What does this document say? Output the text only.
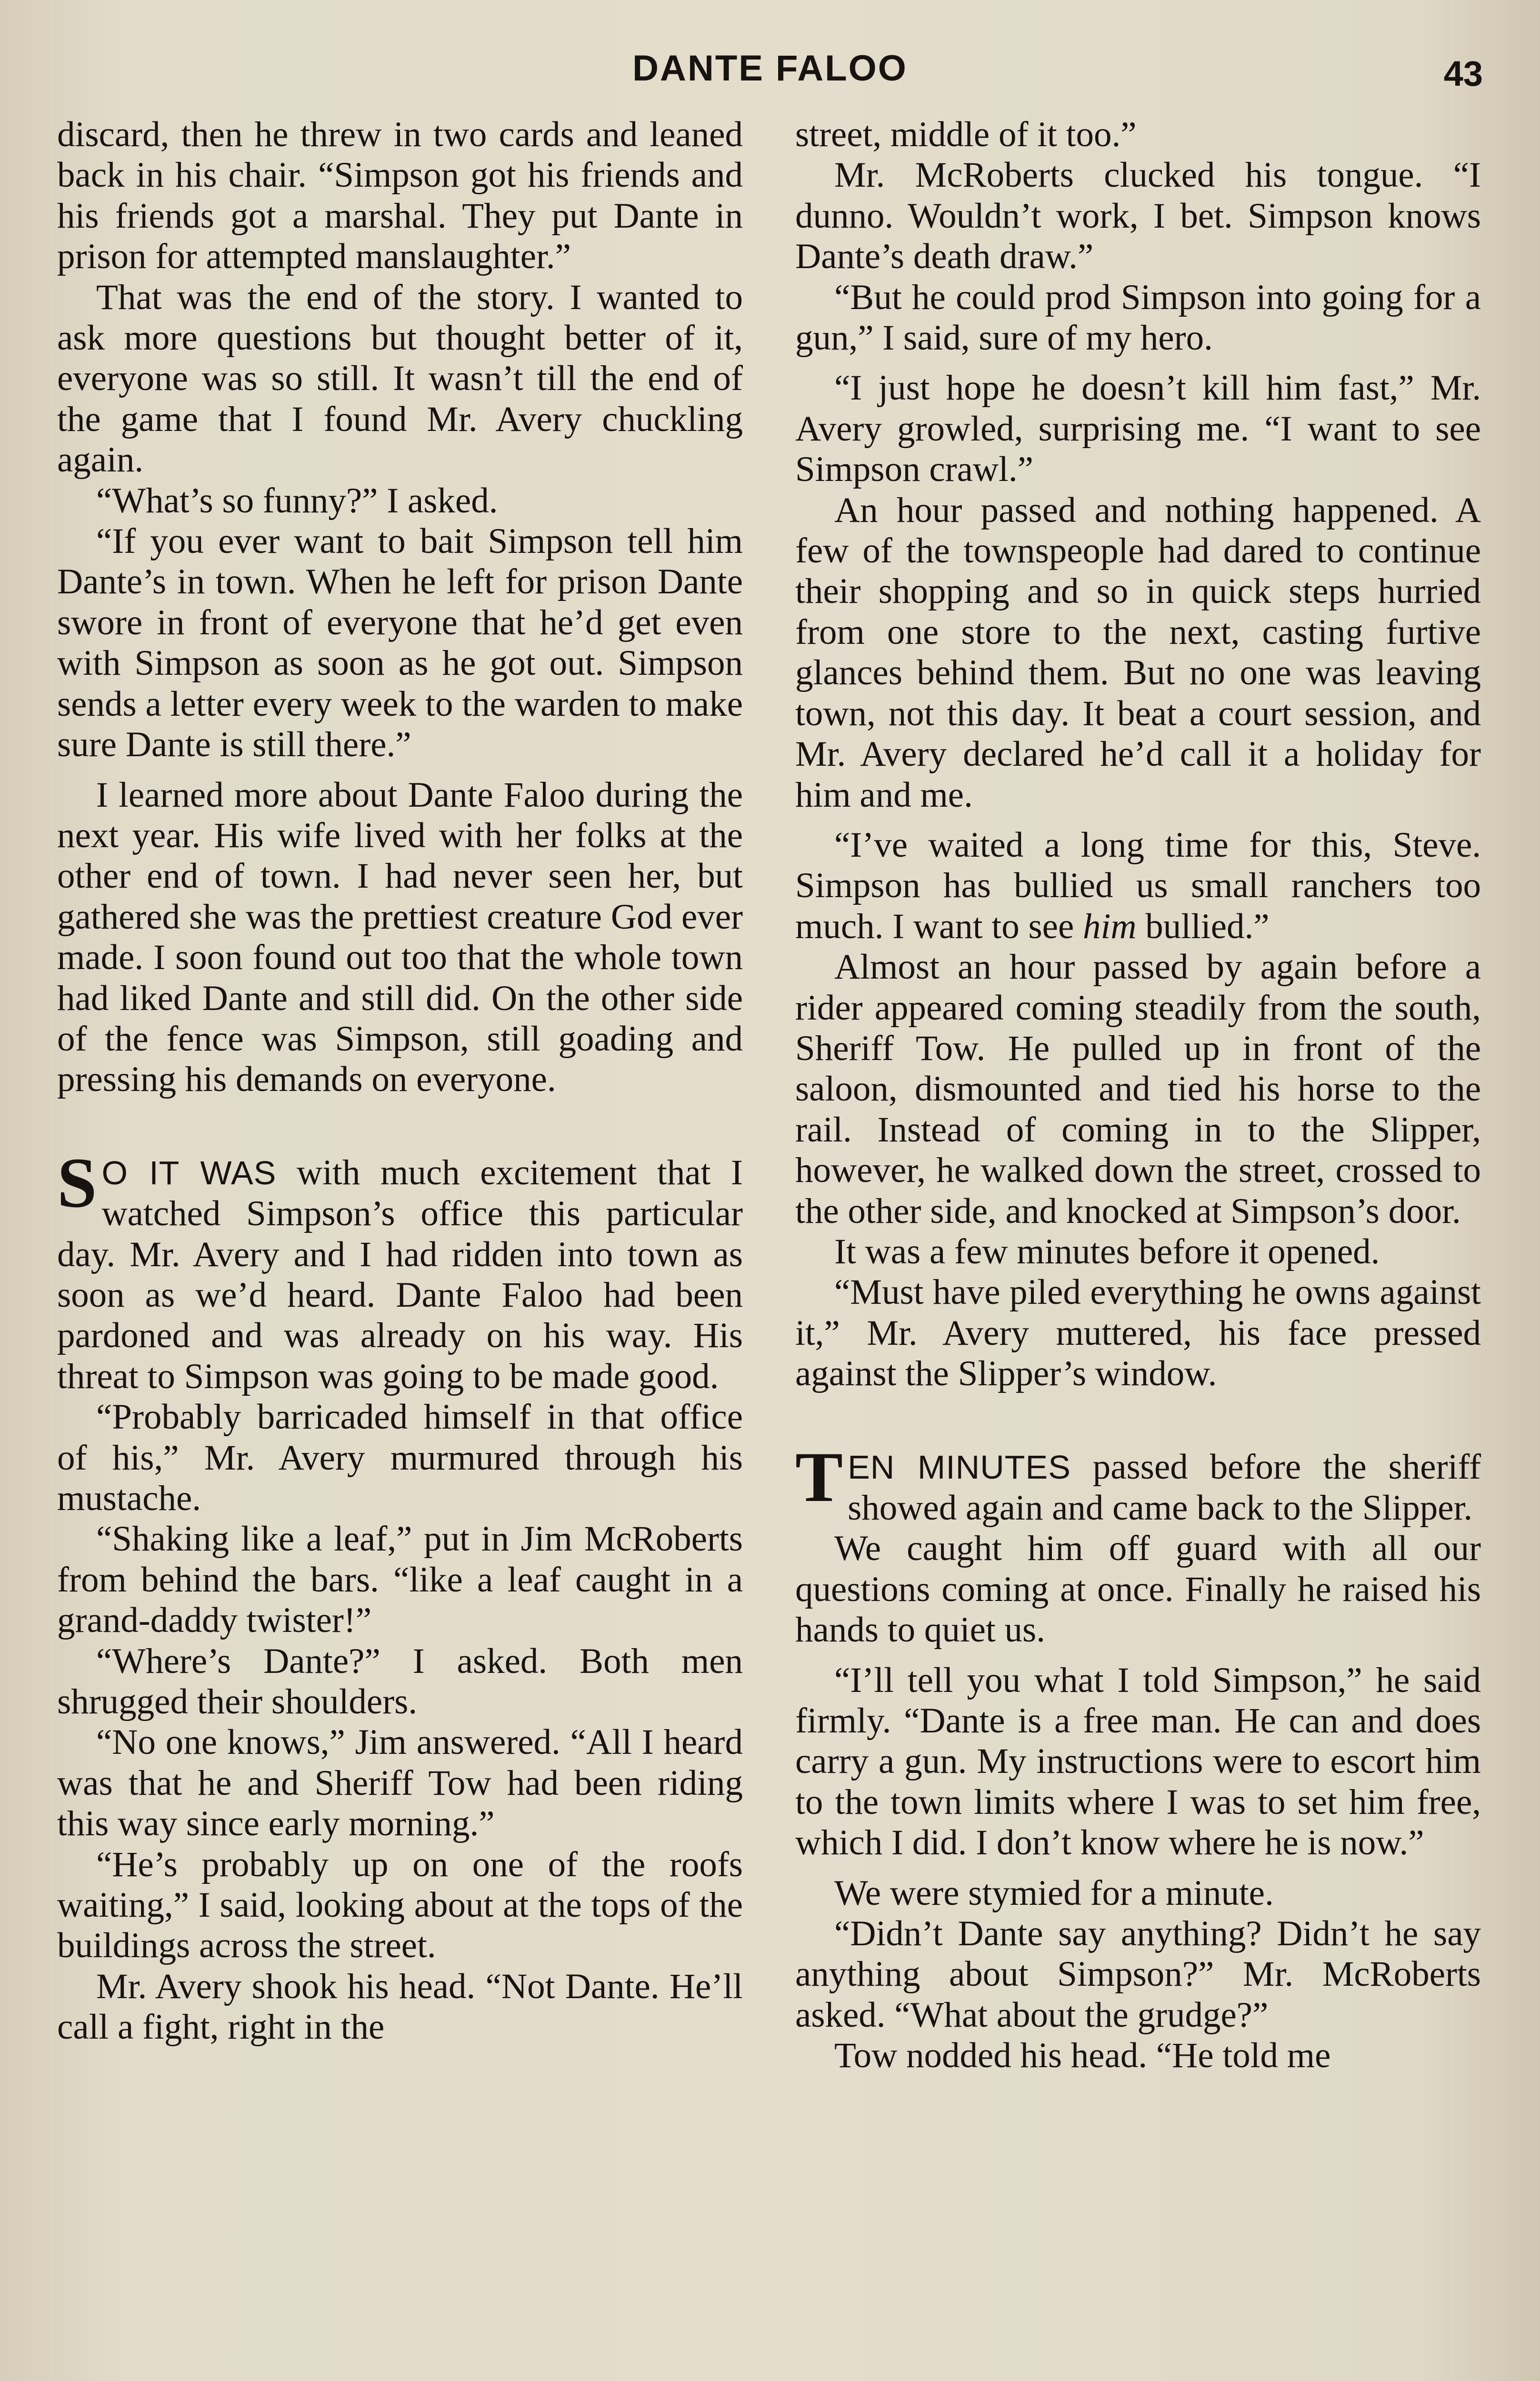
DANTE FALOO	43

discard, then he threw in two cards and leaned back in his chair. “Simpson got his friends and his friends got a marshal. They put Dante in prison for attempted manslaughter.”

That was the end of the story. I wanted to ask more questions but thought better of it, everyone was so still. It wasn’t till the end of the game that I found Mr. Avery chuckling again.

“What’s so funny?” I asked.

“If you ever want to bait Simpson tell him Dante’s in town. When he left for prison Dante swore in front of everyone that he’d get even with Simpson as soon as he got out. Simpson sends a letter every week to the warden to make sure Dante is still there.”

I learned more about Dante Faloo during the next year. His wife lived with her folks at the other end of town. I had never seen her, but gathered she was the prettiest creature God ever made. I soon found out too that the whole town had liked Dante and still did. On the other side of the fence was Simpson, still goading and pressing his demands on everyone.

S O IT WAS with much excitement that I watched Simpson’s office this particular day. Mr. Avery and I had ridden into town as soon as we’d heard. Dante Faloo had been pardoned and was already on his way. His threat to Simpson was going to be made good.

“Probably barricaded himself in that office of his,” Mr. Avery murmured through his mustache.

“Shaking like a leaf,” put in Jim McRoberts from behind the bars. “like a leaf caught in a grand-daddy twister!”

“Where’s Dante?” I asked. Both men shrugged their shoulders.

“No one knows,” Jim answered. “All I heard was that he and Sheriff Tow had been riding this way since early morning.”

“He’s probably up on one of the roofs waiting,” I said, looking about at the tops of the buildings across the street.

Mr. Avery shook his head. “Not Dante. He’ll call a fight, right in the

street, middle of it too.”

Mr. McRoberts clucked his tongue. “I dunno. Wouldn’t work, I bet. Simpson knows Dante’s death draw.”

“But he could prod Simpson into going for a gun,” I said, sure of my hero.

“I just hope he doesn’t kill him fast,” Mr. Avery growled, surprising me. “I want to see Simpson crawl.”

An hour passed and nothing happened. A few of the townspeople had dared to continue their shopping and so in quick steps hurried from one store to the next, casting furtive glances behind them. But no one was leaving town, not this day. It beat a court session, and Mr. Avery declared he’d call it a holiday for him and me.

“I’ve waited a long time for this, Steve. Simpson has bullied us small ranchers too much. I want to see him bullied.”

Almost an hour passed by again before a rider appeared coming steadily from the south, Sheriff Tow. He pulled up in front of the saloon, dismounted and tied his horse to the rail. Instead of coming in to the Slipper, however, he walked down the street, crossed to the other side, and knocked at Simpson’s door.

It was a few minutes before it opened.

“Must have piled everything he owns against it,” Mr. Avery muttered, his face pressed against the Slipper’s window.

TEN MINUTES passed before the sheriff showed again and came back to the Slipper.

We caught him off guard with all our questions coming at once. Finally he raised his hands to quiet us.

“I’ll tell you what I told Simpson,” he said firmly. “Dante is a free man. He can and does carry a gun. My instructions were to escort him to the town limits where I was to set him free, which I did. I don’t know where he is now.”

We were stymied for a minute.

“Didn’t Dante say anything? Didn’t he say anything about Simpson?” Mr. McRoberts asked. “What about the grudge?”

Tow nodded his head. “He told me
